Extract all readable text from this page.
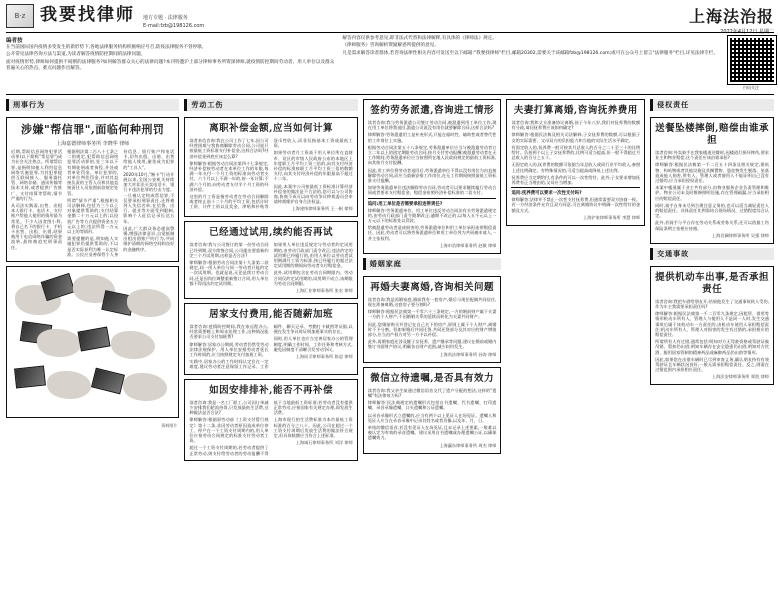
B·z 我要找律师 地方专题 · 法律服务
E-mail:fzb@198126.com	上海法治报
2022年4月12日 星期二
编者按

在当前国际国内疫情多变发生的新形势下,各地法律服务机构积极响应号召,防疫法律服务不曾停歇,

公开常见法律咨询方法与渠道,为读者解答疫情防控期间的法律问题。

面对疫情形势,律师如何提供不间断的法律服务?如何解答群众关心的法律问题?本刊特邀沪上部分律师事务所资深律师,就疫情防控期间劳动者、用人单位以及群众普遍关心的热点、难点问题作出解答。

解答内容仅供参考意见,即非法式代替和法律解释,有具体的《律师法》规定。

《律师服务》咨询解析资疑解惑所提供的意见。

凡是需求解答读者群体,若咨询法律性相关内容可发送至以下邮箱:"我要找律师"栏目,邮箱20302,需要关于该邮箱fzb@198126.com;或可在公众号上留言"法律服务"栏目,详见法律专栏。

扫码关注
刑事行为
涉嫌"帮信罪",面临何种刑罚
上海嘉德律师事务所 李晓华 律师

近期,帮助信息网络犯罪活动罪(以下简称"帮信罪")成为社会关注热点。所谓帮信罪,是指明知他人利用信息网络实施犯罪,为其犯罪提供互联网接入、服务器托管、网络存储、通讯传输等技术支持,或者提供广告推广、支付结算等帮助,情节严重的行为。

从司法实践看,出售、出租本人银行卡、电话卡、支付账户给他人使用的情形最为常见。不少人因贪图小利,将自己名下的银行卡、手机卡出售、出租、出借,结果被用于电信网络诈骗的资金流转,最终被追究刑事责任。

根据刑法第二百八十七条之二的规定,犯帮助信息网络犯罪活动罪的,处三年以下有期徒刑或者拘役,并处或者单处罚金。单位犯罪的,对单位判处罚金,并对其直接负责的主管人员和其他直接责任人员依照前款规定处罚。

所谓"情节严重",根据相关司法解释,包括为三个以上对象提供帮助的;支付结算金额二十万元以上的;以投放广告等方式提供资金五万元以上的;违法所得一万元以上的等情形。

需要提醒的是,明知他人实施犯罪仍提供帮助的,不以是否实际获利为唯一认定标准。公民应妥善保管个人身份信息、银行账户和电话卡,切勿出租、出借、出售给他人使用,避免成为犯罪的"工具人"。

2020年10月,"断卡"行动开展以来,全国公安机关持续加大对非法买卖电话卡、银行卡违法犯罪的打击力度。一旦被认定构成帮信罪,不仅要承担刑事责任,还将被列入失信名单,在信贷、出行、就业等方面受到限制,影响个人征信记录长达五年。

因此,广大群众务必提高警惕,增强法律意识,自觉抵制出租出借账户的行为,共同维护清朗的网络空间和良好的金融秩序。

资料图片
劳动工伤
离职补偿金额,应当如何计算

读者来信咨询:我在公司工作了七年,因公司经营困难与我协商解除劳动合同,公司说只按最低工资标准支付补偿金,这样合法吗?经济补偿金到底应该怎么算?

律师解答:根据劳动合同法第四十七条规定,经济补偿按劳动者在本单位工作的年限,每满一年支付一个月工资的标准向劳动者支付。六个月以上不满一年的,按一年计算;不满六个月的,向劳动者支付半个月工资的经济补偿。

这里的月工资是指劳动者在劳动合同解除或者终止前十二个月的平均工资,包括计时工资、计件工资以及奖金、津贴和补贴等货币性收入,而非仅指基本工资或最低工资。

如果劳动者月工资高于用人单位所在直辖市、设区的市级人民政府公布的本地区上年度职工月平均工资三倍的,向其支付经济补偿的标准按职工月平均工资三倍的数额支付,向其支付经济补偿的年限最高不超过十二年。

因此,本案中公司按最低工资标准计算经济补偿金的做法是不合法的,您可以与公司协商,协商不成可以向劳动争议仲裁委员会申请仲裁维护自身合法权益。

上海建纬律师事务所 王一帆 律师
已经通过试用,续约能否再试

读者咨询:我与公司签订的第一份劳动合同已经到期,双方续签合同,公司提出要重新约定三个月试用期,这样是否合法?

律师解答:根据劳动合同法第十九条第二款规定,同一用人单位与同一劳动者只能约定一次试用期。也就是说,无论是续订劳动合同,还是因岗位调整重新签订合同,用人单位都不得再次约定试用期。

如果用人单位违反规定与劳动者约定试用期的,由劳动行政部门责令改正;违法约定的试用期已经履行的,由用人单位以劳动者试用期满月工资为标准,按已经履行的超过法定试用期的期间向劳动者支付赔偿金。

此外,试用期包含在劳动合同期限内。劳动合同仅约定试用期的,试用期不成立,该期限为劳动合同期限。

上海汇业律师事务所 张宏 律师
居家支付费用,能否随薪加班

读者咨询:疫情防控期间,我在家远程办公,经常需要晚上和周末处理工作,这种情况能否要求公司支付加班费?

律师解答:居家办公期间,劳动者仍然受劳动法律法规保护。用人单位安排劳动者延长工作时间的,应当按照规定支付加班工资。

实践中,居家办公的工作时间认定存在一定难度,建议劳动者注意保留工作记录、工作邮件、聊天记录、考勤打卡截图等证据,以便在发生争议时证明加班事实的存在。

同时,用人单位也应当完善居家办公的管理制度,明确工作时间、工作任务和考核方式,避免因制度不清晰引发劳动争议。

上海同孚律师事务所 陈思 律师
如因安排排补,能否不再补偿

读者咨询:我是一名工厂职工,公司因订单减少安排我们轮流待岗,只发放最低生活费,这种做法是否合法?

律师解答:根据原劳动部《工资支付暂行规定》第十二条,非因劳动者原因造成单位停工、停产在一个工资支付周期内的,用人单位应按劳动合同规定的标准支付劳动者工资。

超过一个工资支付周期的,若劳动者提供了正常劳动,则支付给劳动者的劳动报酬不得低于当地最低工资标准;若劳动者没有提供正常劳动,应按国家有关规定办理,即发放生活费。

上海市现行的生活费标准为本市最低工资标准的百分之八十。因此,公司在超过一个工资支付周期后发放生活费的做法符合规定,但具体数额应当符合上述标准。

上海诚石律师事务所 刘洋 律师
签约劳务派遣,咨询进工情形

读者咨询:我与劳务派遣公司签订劳动合同,被派遣到用工单位工作,现在用工单位将我退回,派遣公司说没有岗位就要解除合同,这样合法吗?

律师解答:劳务派遣用工是补充形式,只能在临时性、辅助性或者替代性的工作岗位上实施。

根据劳动合同法第五十八条规定,劳务派遣单位应当与被派遣劳动者订立二年以上的固定期限劳动合同,按月支付劳动报酬;被派遣劳动者在无工作期间,劳务派遣单位应当按照所在地人民政府规定的最低工资标准,向其按月支付报酬。

因此,用工单位将劳动者退回后,劳务派遣单位不得以没有岗位为由直接解除劳动合同,而应当重新安排工作岗位,在无工作期间按照最低工资标准支付报酬。

如果劳务派遣单位违法解除劳动合同,劳动者可以要求继续履行劳动合同或者要求支付赔偿金。赔偿金按照经济补偿标准的二倍支付。

追问:用工单位是否需要承担连带责任?

律师解答:劳务派遣单位、用工单位违反劳动合同法有关劳务派遣规定的,由劳动行政部门责令限期改正;逾期不改正的,以每人五千元以上一万元以下的标准处以罚款。

给被派遣劳动者造成损害的,劳务派遣单位和用工单位承担连带赔偿责任。因此,劳动者可以将劳务派遣单位和用工单位列为共同被申请人,一并主张权利。

上海申浩律师事务所 赵敏 律师
婚姻家庭
再婚夫妻离婚,咨询相关问题

读者咨询:我是再婚家庭,婚前我有一套房产,婚后与现任配偶共同居住,现在准备离婚,这套房子要分割吗?

律师解答:根据民法典第一千零六十三条规定,一方的婚前财产属于夫妻一方的个人财产,不因婚姻关系的延续而转化为夫妻共同财产。

因此,您婚前购买并登记在自己名下的房产,原则上属于个人财产,离婚时不予分割。但如果婚后共同还贷,共同还贷部分及其对应的财产增值部分,应当由产权方对另一方予以补偿。

此外,再婚家庭还涉及继子女抚养、遗产继承等问题,建议在婚前或婚内签订书面财产协议,明确各自财产范围,减少纠纷发生。

上海尚法律师事务所 孙涛 律师
微信立待遗嘱,是否具有效力

读者咨询:我父亲生前通过微信语音交代了遗产分配的想法,这样的"遗嘱"有法律效力吗?

律师解答:民法典规定的遗嘱形式包括自书遗嘱、代书遗嘱、打印遗嘱、录音录像遗嘱、口头遗嘱和公证遗嘱。

以录音录像形式立遗嘱的,应当有两个以上见证人在场见证。遗嘱人和见证人应当在录音录像中记录其姓名或者肖像,以及年、月、日。

单纯的微信语音,若没有见证人在场见证,且未记录上述要素,一般难以被认定为有效的录音遗嘱。建议采用自书遗嘱或办理遗嘱公证,以确保遗嘱效力。

上海瀛东律师事务所 周杰 律师
夫妻打算离婚,咨询抚养费用

读者咨询:我和丈夫准备协议离婚,孩子今年八岁,我们对抚养费的数额有分歧,请问抚养费应该如何确定?

律师解答:根据民法典及相关司法解释,子女抚养费的数额,可以根据子女的实际需要、父母双方的负担能力和当地的实际生活水平确定。

有固定收入的,抚养费一般可按其月总收入的百分之二十至三十的比例给付。负担两个以上子女抚养费的,比例可适当提高,但一般不得超过月总收入的百分之五十。

无固定收入的,抚养费的数额可依据当年总收入或同行业平均收入,参照上述比例确定。有特殊情况的,可适当提高或降低上述比例。

抚养费应当定期给付,有条件的可以一次性给付。此外,子女要求增加抚养费有正当理由的,父母应当增加。

追问:抚养费可以要求一次性支付吗?

律师解答:法律并不禁止一次性支付抚养费,但通常需要双方协商一致。若一方经济条件允许且双方同意,可在离婚协议中明确一次性给付的金额及方式。

上海沪家律师事务所 李慧 律师
侵权责任
送餐坠楼摔倒,赔偿由谁承担

读者咨询:外卖骑手在我家楼道送餐时,因楼道灯损坏摔伤,要求业主和物业赔偿,这个责任应该由谁承担?

律师解答:根据民法典第一千二百五十四条及相关规定,建筑物、构筑物或者其他设施及其搁置物、悬挂物发生脱落、坠落造成他人损害,所有人、管理人或者使用人不能证明自己没有过错的,应当承担侵权责任。

本案中楼道属于业主共有部分,由物业服务企业负责管理和维护。物业公司未及时维修照明设施,存在管理疏漏,应当承担相应的赔偿责任。

同时,骑手自身未尽到合理注意义务的,也可以适当减轻责任人的赔偿责任。具体责任比例需结合现场情况、过错程度综合认定。

此外,若骑手与平台存在劳动关系或劳务关系,还可以依据工伤保险条例主张相应待遇。

上海君澜律师事务所 吴强 律师
交通事故
提供机动车出事,是否承担责任

读者咨询:我把车借给朋友开,结果他发生了交通事故致人受伤,作为车主我需要承担责任吗?

律师解答:根据民法典第一千二百零九条规定,因租赁、借用等情形机动车所有人、管理人与使用人不是同一人时,发生交通事故后属于该机动车一方责任的,由机动车使用人承担赔偿责任;机动车所有人、管理人对损害的发生有过错的,承担相应的赔偿责任。

所谓所有人有过错,通常包括:明知对方无驾驶资格或驾驶证被吊销、暂扣仍出借;明知车辆存在安全隐患仍出借;明知对方饮酒、服用国家管制的精神药品或麻醉药品仍出借等情形。

因此,如果您在出借车辆时已尽到审查义务,确认朋友持有有效驾驶证且车辆状况良好,一般无需承担赔偿责任。反之,则需在过错范围内承担相应责任。

上海法安律师事务所 郑凯 律师
